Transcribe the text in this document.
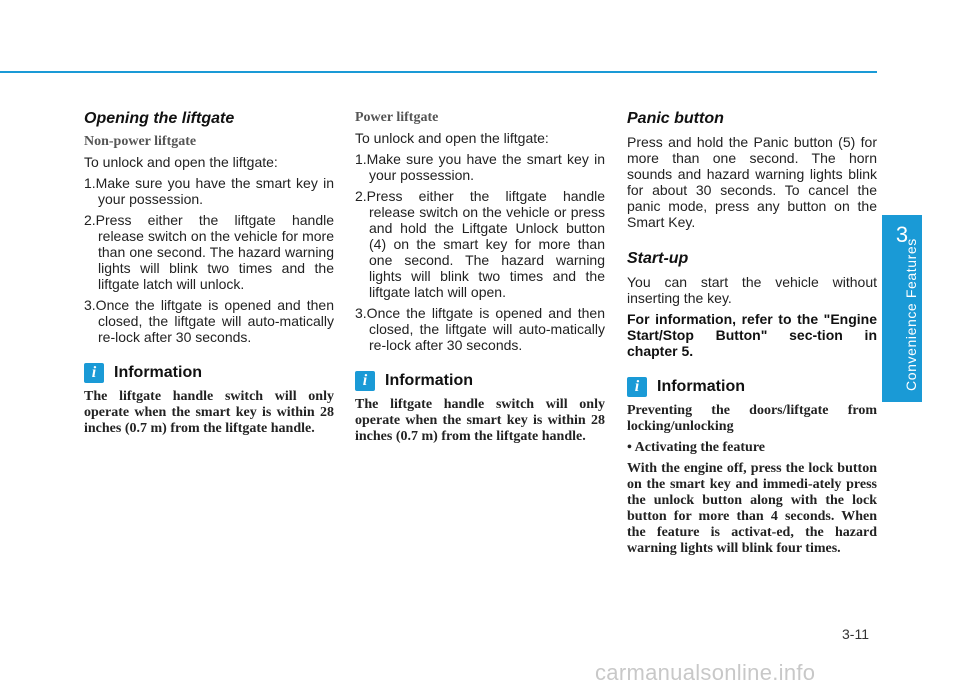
3
Convenience Features
Opening the liftgate
Non-power liftgate

To unlock and open the liftgate:

1.Make sure you have the smart key in your possession.
2.Press either the liftgate handle release switch on the vehicle for more than one second. The hazard warning lights will blink two times and the liftgate latch will unlock.
3.Once the liftgate is opened and then closed, the liftgate will auto-matically re-lock after 30 seconds.
i	Information

The liftgate handle switch will only operate when the smart key is within 28 inches (0.7 m) from the liftgate handle.

Power liftgate

To unlock and open the liftgate:

1.Make sure you have the smart key in your possession.
2.Press either the liftgate handle release switch on the vehicle or press and hold the Liftgate Unlock button (4) on the smart key for more than one second. The hazard warning lights will blink two times and the liftgate latch will open.
3.Once the liftgate is opened and then closed, the liftgate will auto-matically re-lock after 30 seconds.
i	Information

The liftgate handle switch will only operate when the smart key is within 28 inches (0.7 m) from the liftgate handle.

Panic button

Press and hold the Panic button (5) for more than one second. The horn sounds and hazard warning lights blink for about 30 seconds. To cancel the panic mode, press any button on the Smart Key.

Start-up

You can start the vehicle without inserting the key.

For information, refer to the "Engine Start/Stop Button" sec-tion in chapter 5.

i	Information

Preventing the doors/liftgate from locking/unlocking

• Activating the feature

With the engine off, press the lock button on the smart key and immedi-ately press the unlock button along with the lock button for more than 4 seconds. When the feature is activat-ed, the hazard warning lights will blink four times.

3-11
carmanualsonline.info
